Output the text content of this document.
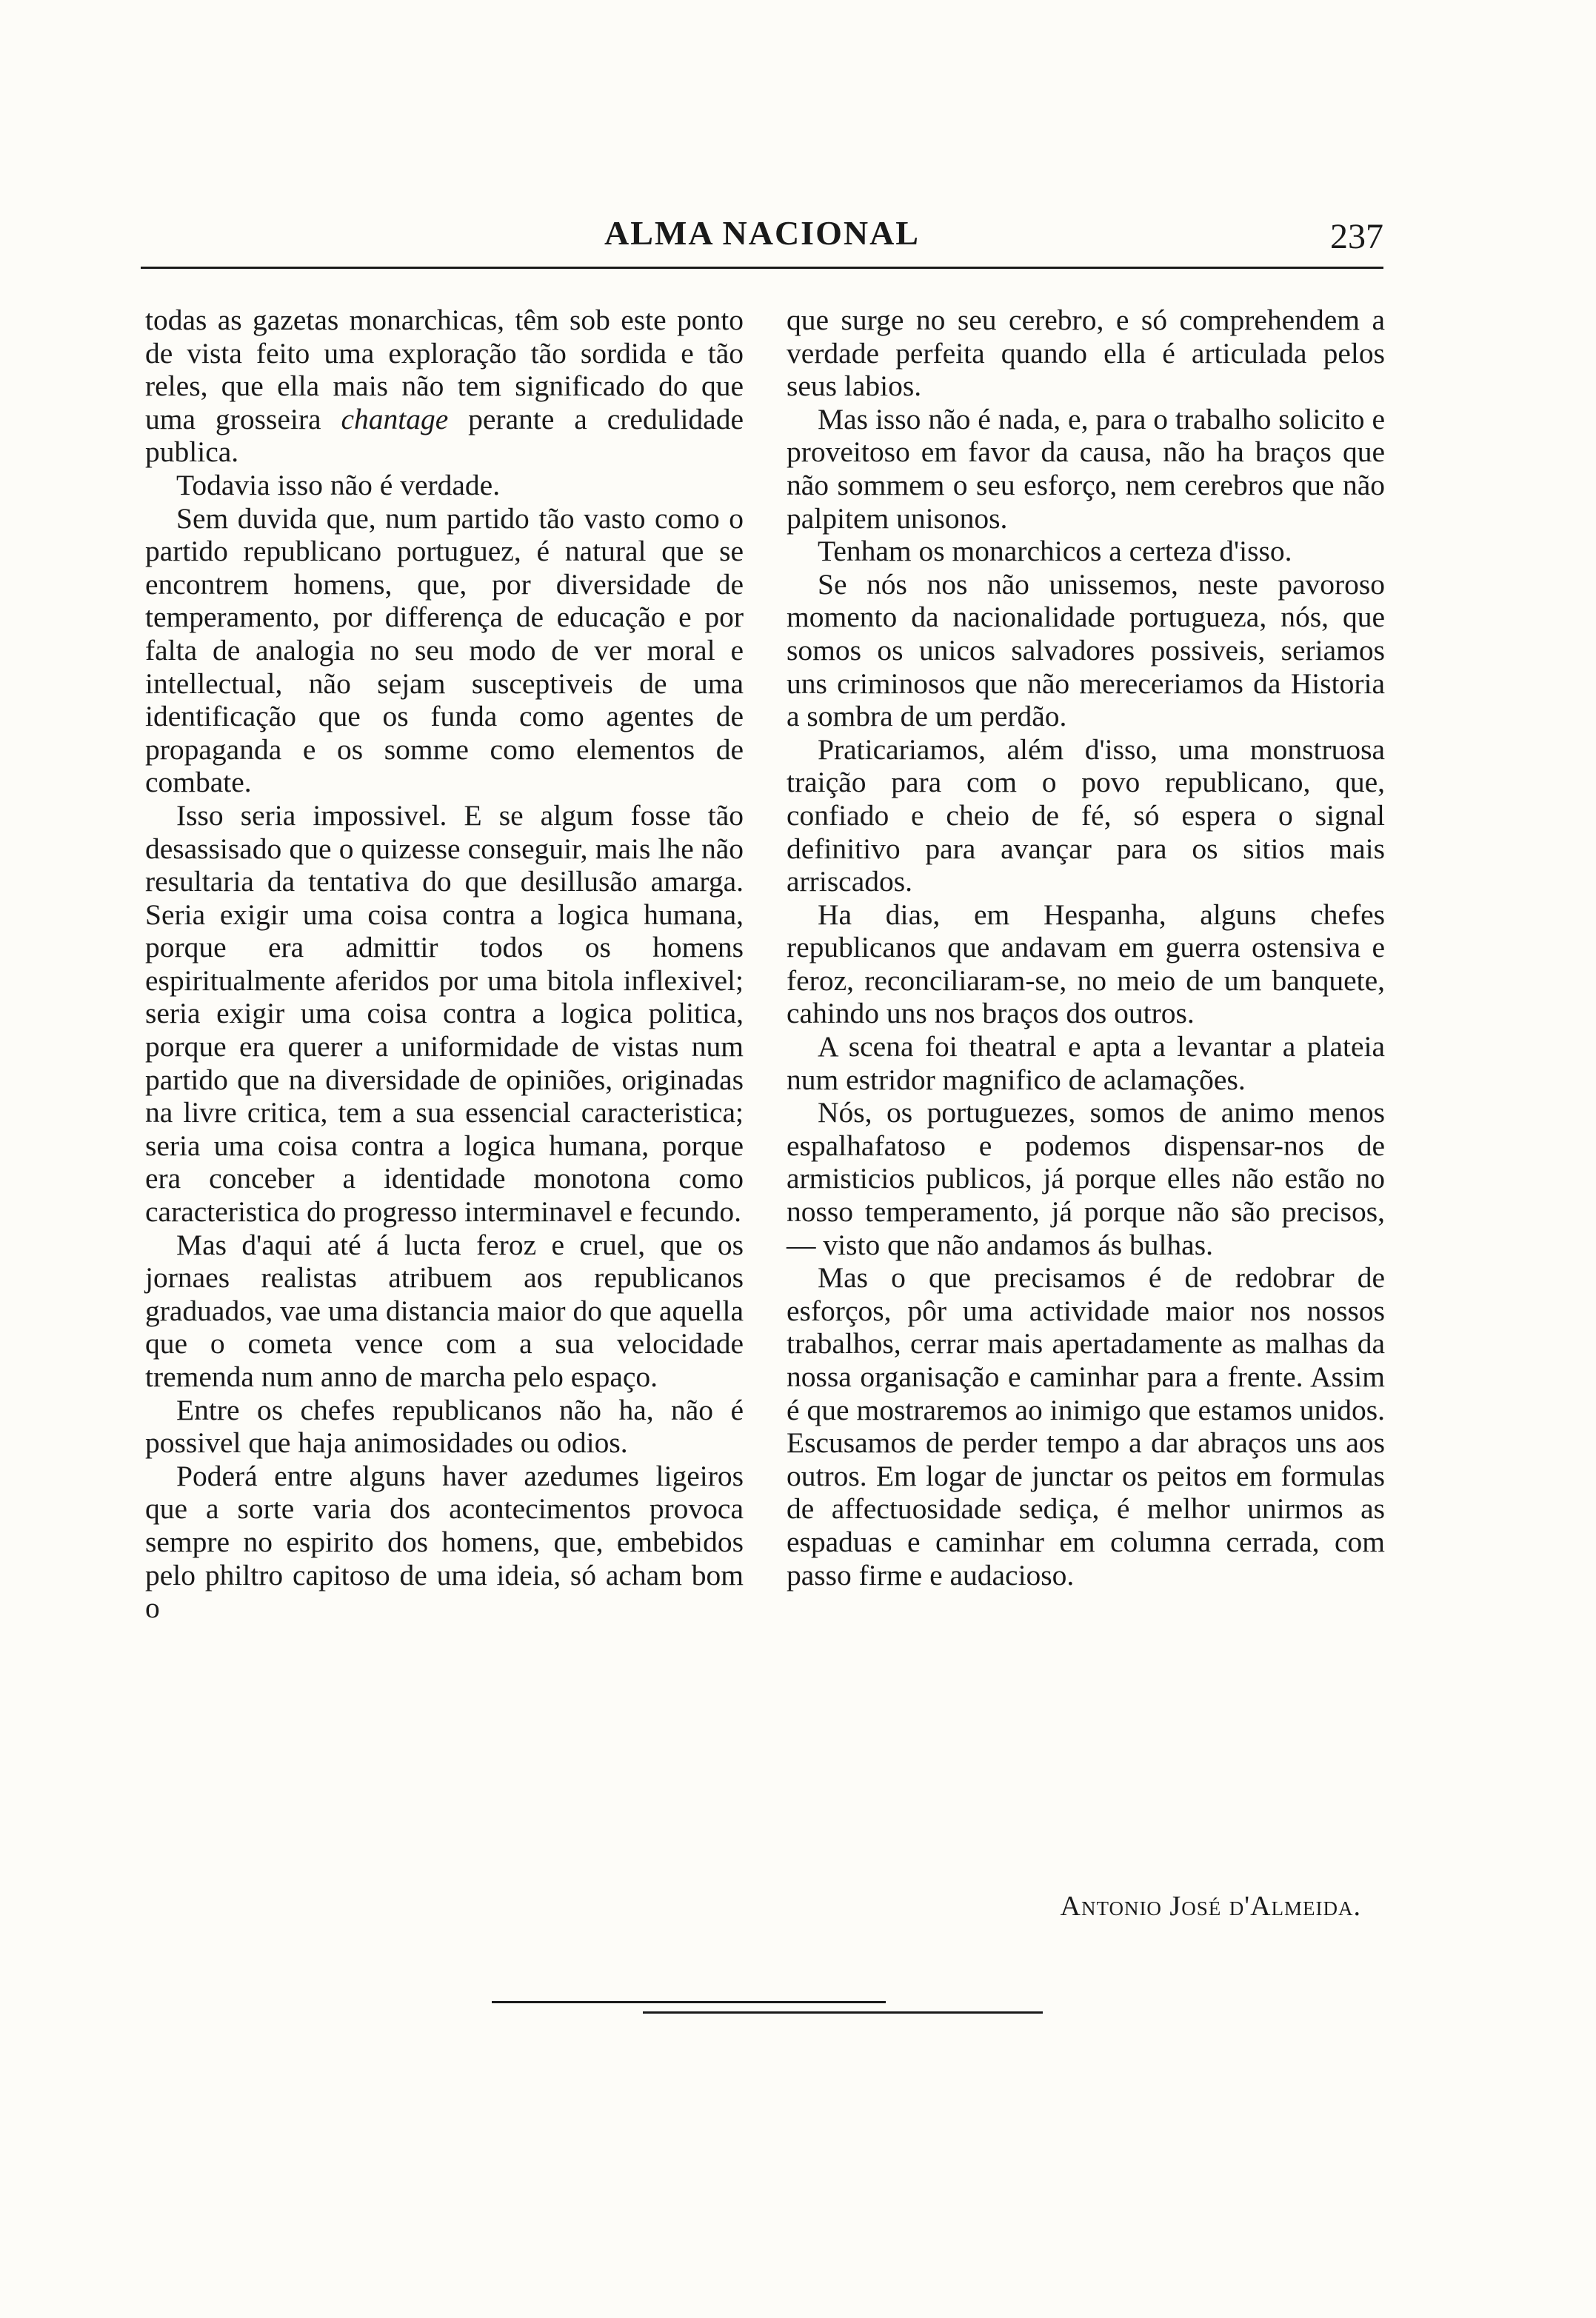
ALMA NACIONAL	237

todas as gazetas monarchicas, têm sob este ponto de vista feito uma exploração tão sordida e tão reles, que ella mais não tem significado do que uma grosseira chantage perante a credulidade publica.

Todavia isso não é verdade.

Sem duvida que, num partido tão vasto como o partido republicano portuguez, é natural que se encontrem homens, que, por diversidade de temperamento, por differença de educação e por falta de analogia no seu modo de ver moral e intellectual, não sejam susceptiveis de uma identificação que os funda como agentes de propaganda e os somme como elementos de combate.

Isso seria impossivel. E se algum fosse tão desassisado que o quizesse conseguir, mais lhe não resultaria da tentativa do que desillusão amarga. Seria exigir uma coisa contra a logica humana, porque era admittir todos os homens espiritualmente aferidos por uma bitola inflexivel; seria exigir uma coisa contra a logica politica, porque era querer a uniformidade de vistas num partido que na diversidade de opiniões, originadas na livre critica, tem a sua essencial caracteristica; seria uma coisa contra a logica humana, porque era conceber a identidade monotona como caracteristica do progresso interminavel e fecundo.

Mas d'aqui até á lucta feroz e cruel, que os jornaes realistas atribuem aos republicanos graduados, vae uma distancia maior do que aquella que o cometa vence com a sua velocidade tremenda num anno de marcha pelo espaço.

Entre os chefes republicanos não ha, não é possivel que haja animosidades ou odios.

Poderá entre alguns haver azedumes ligeiros que a sorte varia dos acontecimentos provoca sempre no espirito dos homens, que, embebidos pelo philtro capitoso de uma ideia, só acham bom o

que surge no seu cerebro, e só comprehendem a verdade perfeita quando ella é articulada pelos seus labios.

Mas isso não é nada, e, para o trabalho solicito e proveitoso em favor da causa, não ha braços que não sommem o seu esforço, nem cerebros que não palpitem unisonos.

Tenham os monarchicos a certeza d'isso.

Se nós nos não unissemos, neste pavoroso momento da nacionalidade portugueza, nós, que somos os unicos salvadores possiveis, seriamos uns criminosos que não mereceriamos da Historia a sombra de um perdão.

Praticariamos, além d'isso, uma monstruosa traição para com o povo republicano, que, confiado e cheio de fé, só espera o signal definitivo para avançar para os sitios mais arriscados.

Ha dias, em Hespanha, alguns chefes republicanos que andavam em guerra ostensiva e feroz, reconciliaram-se, no meio de um banquete, cahindo uns nos braços dos outros.

A scena foi theatral e apta a levantar a plateia num estridor magnifico de aclamações.

Nós, os portuguezes, somos de animo menos espalhafatoso e podemos dispensar-nos de armisticios publicos, já porque elles não estão no nosso temperamento, já porque não são precisos, — visto que não andamos ás bulhas.

Mas o que precisamos é de redobrar de esforços, pôr uma actividade maior nos nossos trabalhos, cerrar mais apertadamente as malhas da nossa organisação e caminhar para a frente. Assim é que mostraremos ao inimigo que estamos unidos. Escusamos de perder tempo a dar abraços uns aos outros. Em logar de junctar os peitos em formulas de affectuosidade sediça, é melhor unirmos as espaduas e caminhar em columna cerrada, com passo firme e audacioso.

Antonio José d'Almeida.
